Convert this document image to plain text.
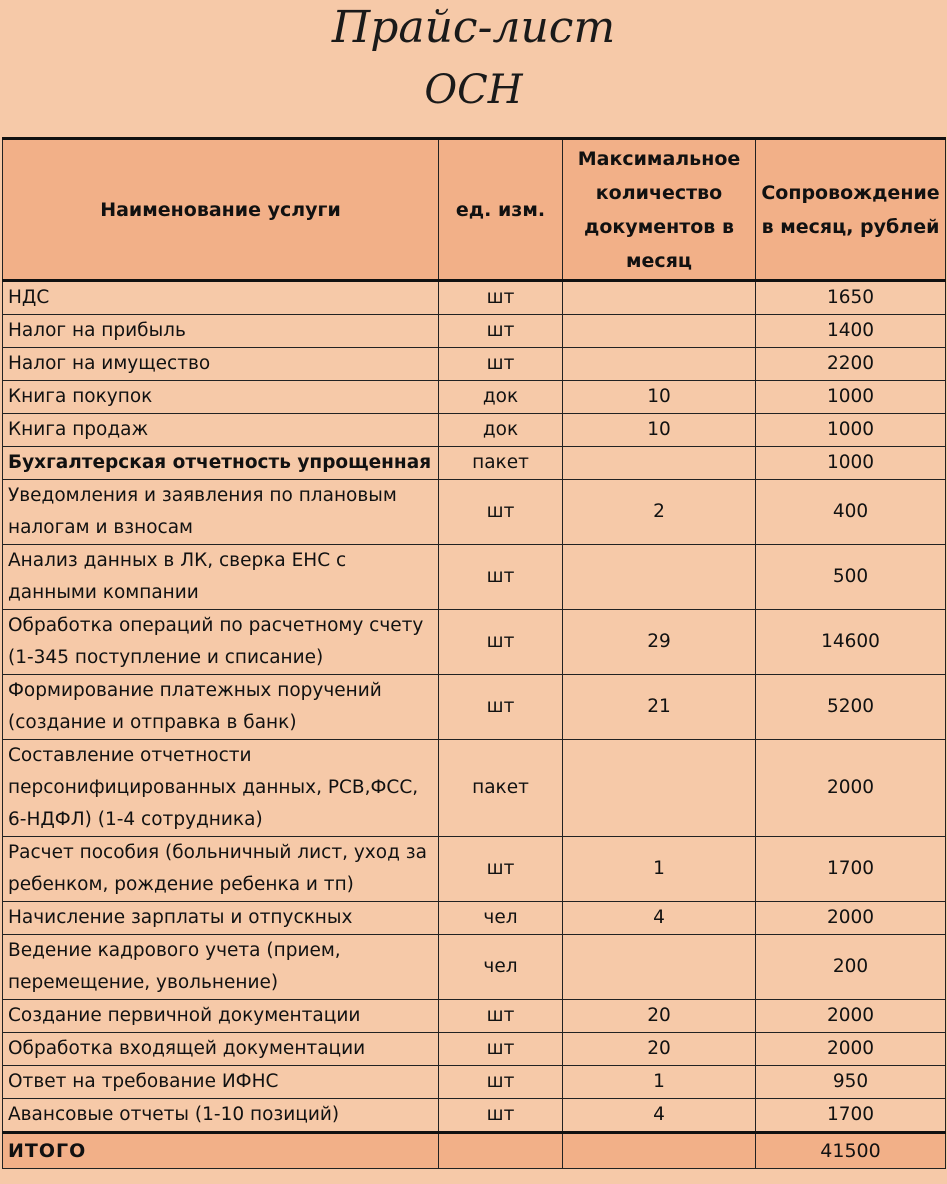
Прайс-лист
ОСН
Наименование услуги	ед. изм.	Максимальное количество документов в месяц	Сопровождение в месяц, рублей
НДС	шт		1650
Налог на прибыль	шт		1400
Налог на имущество	шт		2200
Книга покупок	док	10	1000
Книга продаж	док	10	1000
Бухгалтерская отчетность упрощенная	пакет		1000
Уведомления и заявления по плановым налогам и взносам	шт	2	400
Анализ данных в ЛК, сверка ЕНС с данными компании	шт		500
Обработка операций по расчетному счету (1-345 поступление и списание)	шт	29	14600
Формирование платежных поручений (создание и отправка в банк)	шт	21	5200
Составление отчетности персонифицированных данных, РСВ,ФСС, 6-НДФЛ) (1-4 сотрудника)	пакет		2000
Расчет пособия (больничный лист, уход за ребенком, рождение ребенка и тп)	шт	1	1700
Начисление зарплаты и отпускных	чел	4	2000
Ведение кадрового учета (прием, перемещение, увольнение)	чел		200
Создание первичной документации	шт	20	2000
Обработка входящей документации	шт	20	2000
Ответ на требование ИФНС	шт	1	950
Авансовые отчеты (1-10 позиций)	шт	4	1700
ИТОГО			41500
